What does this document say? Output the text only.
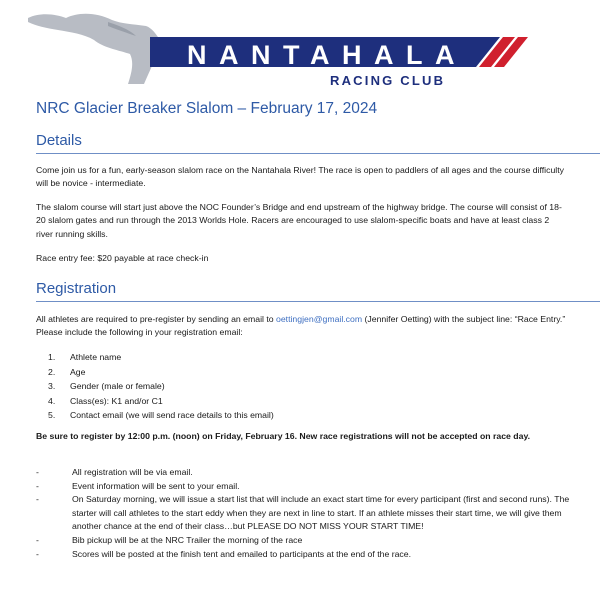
NANTAHALA
RACING CLUB
NRC Glacier Breaker Slalom – February 17, 2024
Details
Come join us for a fun, early-season slalom race on the Nantahala River! The race is open to paddlers of all ages and the course difficulty will be novice - intermediate.
The slalom course will start just above the NOC Founder’s Bridge and end upstream of the highway bridge. The course will consist of 18-20 slalom gates and run through the 2013 Worlds Hole. Racers are encouraged to use slalom-specific boats and have at least class 2 river running skills.
Race entry fee: $20 payable at race check-in
Registration
All athletes are required to pre-register by sending an email to oettingjen@gmail.com (Jennifer Oetting) with the subject line: “Race Entry.” Please include the following in your registration email:
1.	Athlete name
2.	Age
3.	Gender (male or female)
4.	Class(es): K1 and/or C1
5.	Contact email (we will send race details to this email)
Be sure to register by 12:00 p.m. (noon) on Friday, February 16. New race registrations will not be accepted on race day.
-	All registration will be via email.
-	Event information will be sent to your email.
-	On Saturday morning, we will issue a start list that will include an exact start time for every participant (first and second runs). The starter will call athletes to the start eddy when they are next in line to start. If an athlete misses their start time, we will give them another chance at the end of their class…but PLEASE DO NOT MISS YOUR START TIME!
-	Bib pickup will be at the NRC Trailer the morning of the race
-	Scores will be posted at the finish tent and emailed to participants at the end of the race.
